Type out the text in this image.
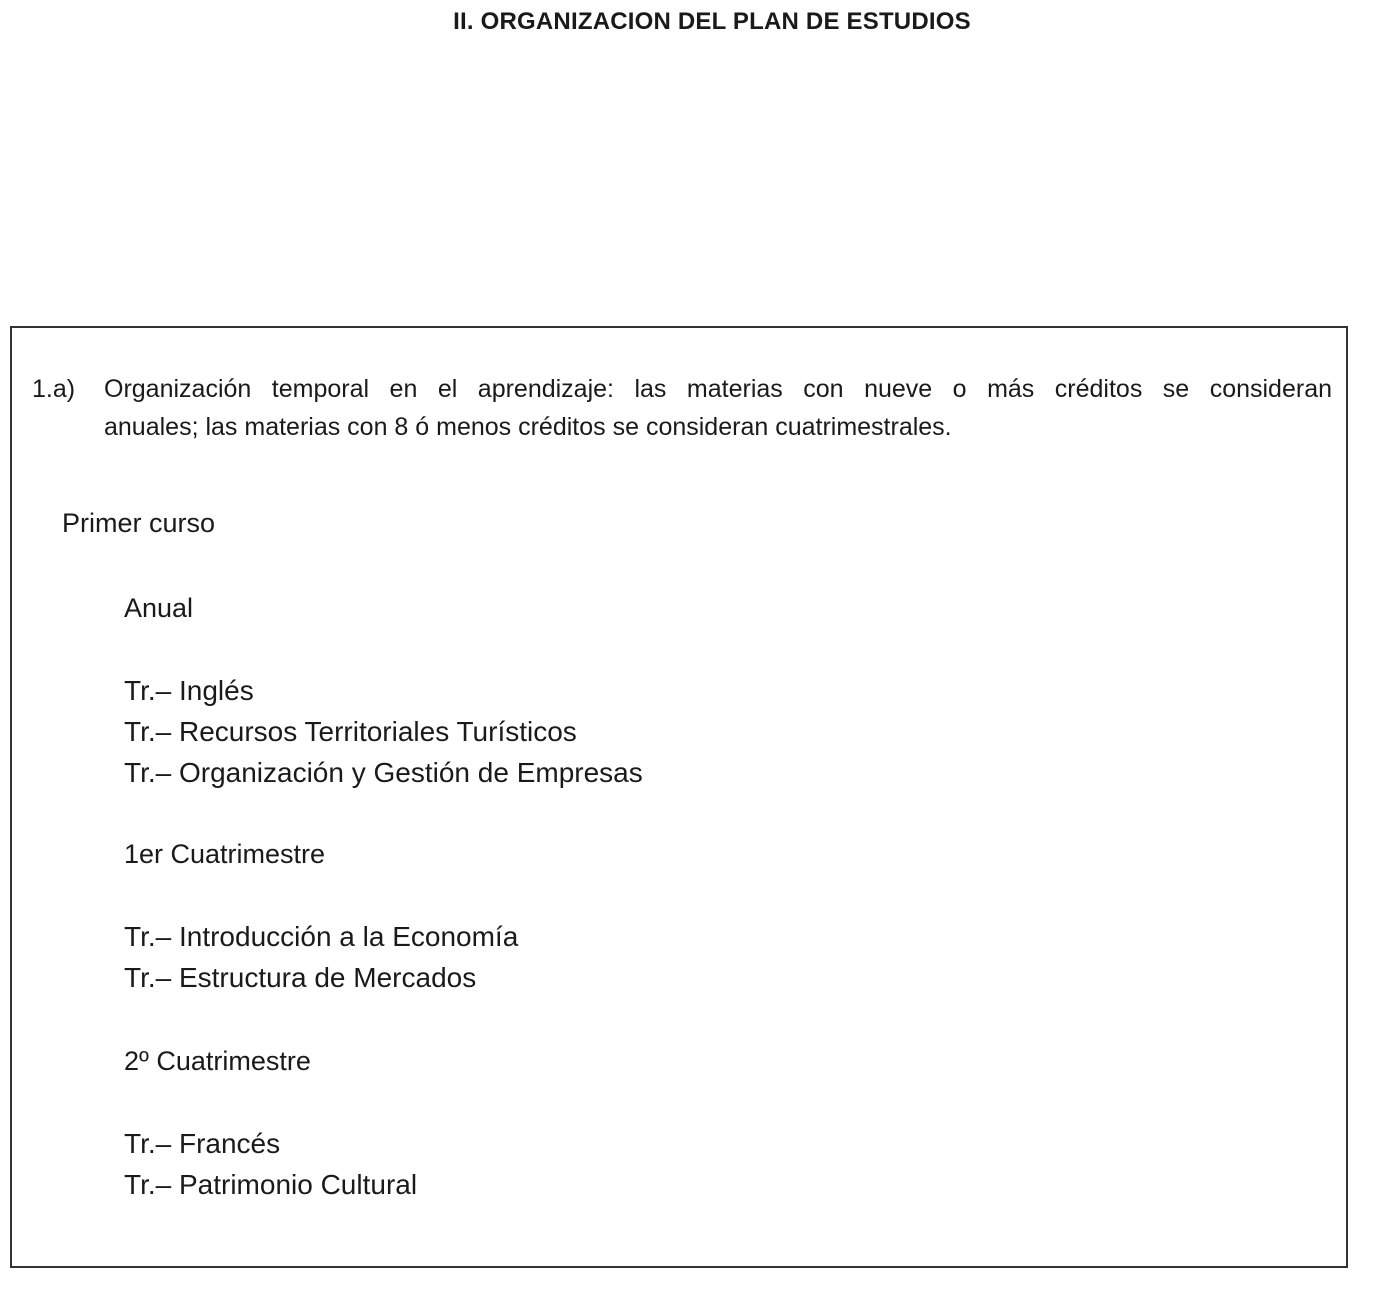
II. ORGANIZACION DEL PLAN DE ESTUDIOS
1.a)	Organización temporal en el aprendizaje: las materias con nueve o más créditos se consideran
anuales; las materias con 8 ó menos créditos se consideran cuatrimestrales.
Primer curso
Anual
Tr.– Inglés
Tr.– Recursos Territoriales Turísticos
Tr.– Organización y Gestión de Empresas
1er Cuatrimestre
Tr.– Introducción a la Economía
Tr.– Estructura de Mercados
2º Cuatrimestre
Tr.– Francés
Tr.– Patrimonio Cultural
